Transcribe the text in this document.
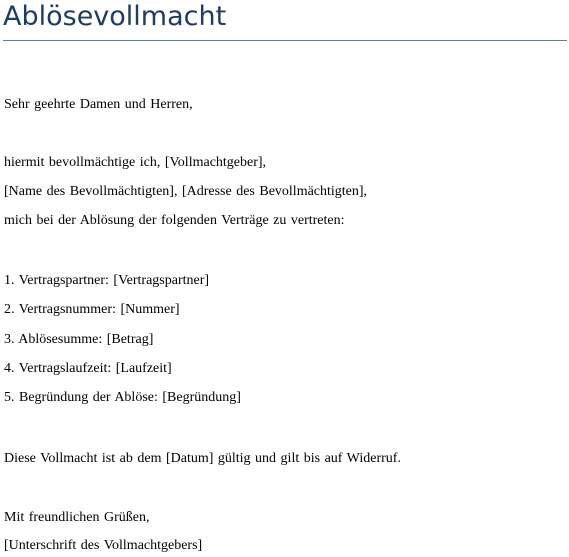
Ablösevollmacht

Sehr geehrte Damen und Herren,

hiermit bevollmächtige ich, [Vollmachtgeber],

[Name des Bevollmächtigten], [Adresse des Bevollmächtigten],

mich bei der Ablösung der folgenden Verträge zu vertreten:

1. Vertragspartner: [Vertragspartner]

2. Vertragsnummer: [Nummer]

3. Ablösesumme: [Betrag]

4. Vertragslaufzeit: [Laufzeit]

5. Begründung der Ablöse: [Begründung]

Diese Vollmacht ist ab dem [Datum] gültig und gilt bis auf Widerruf.

Mit freundlichen Grüßen,

[Unterschrift des Vollmachtgebers]
